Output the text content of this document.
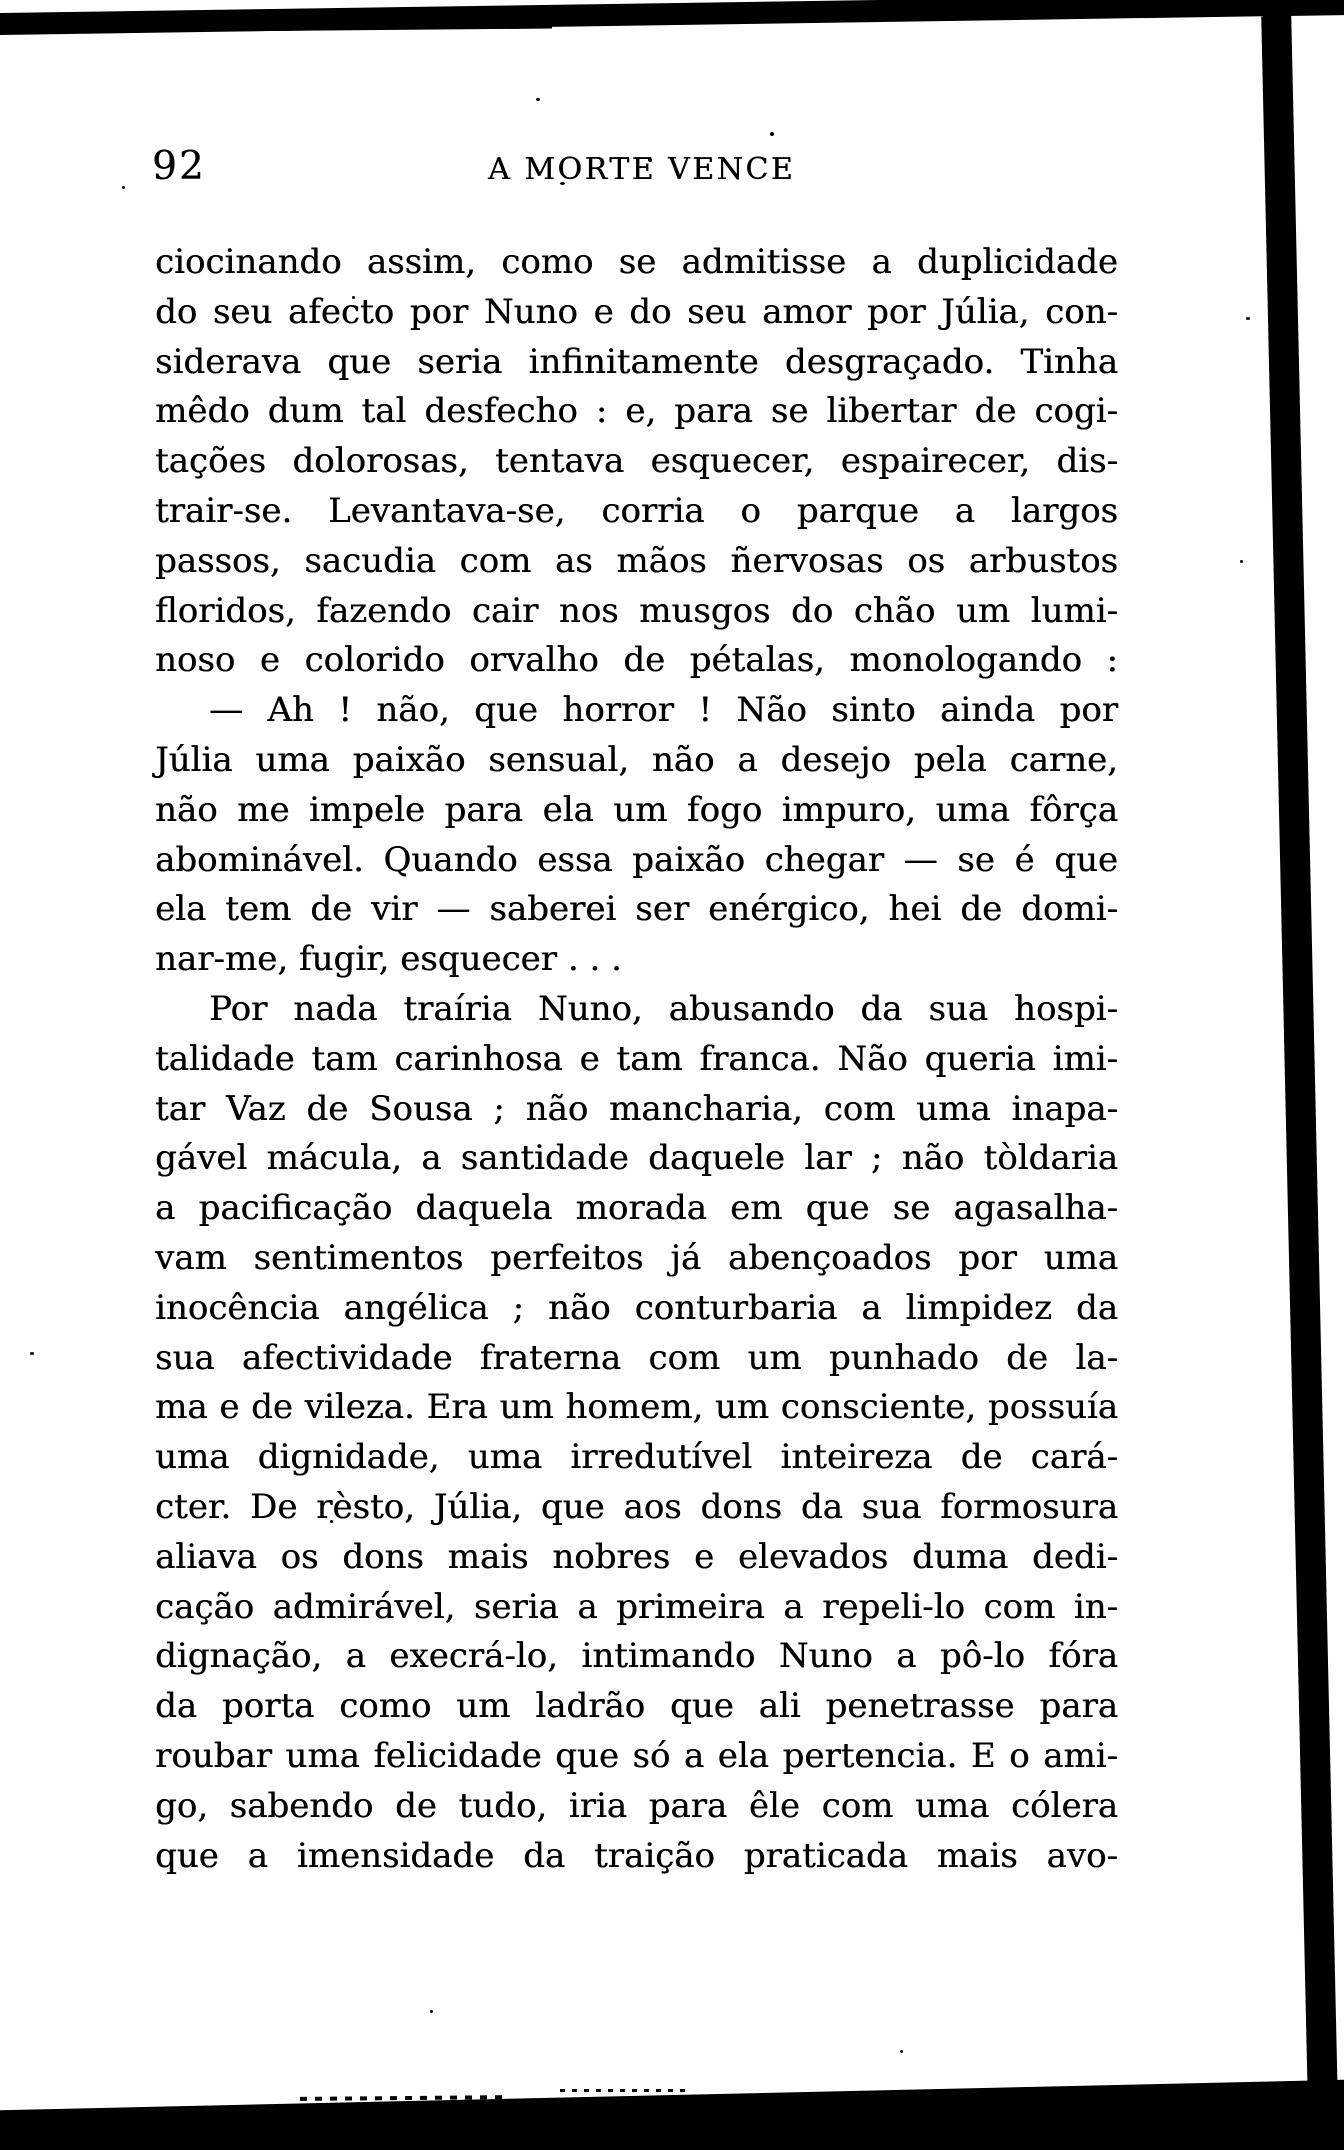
92	A MORTE VENCE
ciocinando assim, como se admitisse a duplicidade
do seu afecto por Nuno e do seu amor por Júlia, con-
siderava que seria infinitamente desgraçado. Tinha
mêdo dum tal desfecho : e, para se libertar de cogi-
tações dolorosas, tentava esquecer, espairecer, dis-
trair-se. Levantava-se, corria o parque a largos
passos, sacudia com as mãos ñervosas os arbustos
floridos, fazendo cair nos musgos do chão um lumi-
noso e colorido orvalho de pétalas, monologando :
— Ah ! não, que horror ! Não sinto ainda por
Júlia uma paixão sensual, não a desejo pela carne,
não me impele para ela um fogo impuro, uma fôrça
abominável. Quando essa paixão chegar — se é que
ela tem de vir — saberei ser enérgico, hei de domi-
nar-me, fugir, esquecer . . .
Por nada traíria Nuno, abusando da sua hospi-
talidade tam carinhosa e tam franca. Não queria imi-
tar Vaz de Sousa ; não mancharia, com uma inapa-
gável mácula, a santidade daquele lar ; não tòldaria
a pacificação daquela morada em que se agasalha-
vam sentimentos perfeitos já abençoados por uma
inocência angélica ; não conturbaria a limpidez da
sua afectividade fraterna com um punhado de la-
ma e de vileza. Era um homem, um consciente, possuía
uma dignidade, uma irredutível inteireza de cará-
cter. De rèsto, Júlia, que aos dons da sua formosura
aliava os dons mais nobres e elevados duma dedi-
cação admirável, seria a primeira a repeli-lo com in-
dignação, a execrá-lo, intimando Nuno a pô-lo fóra
da porta como um ladrão que ali penetrasse para
roubar uma felicidade que só a ela pertencia. E o ami-
go, sabendo de tudo, iria para êle com uma cólera
que a imensidade da traição praticada mais avo-
